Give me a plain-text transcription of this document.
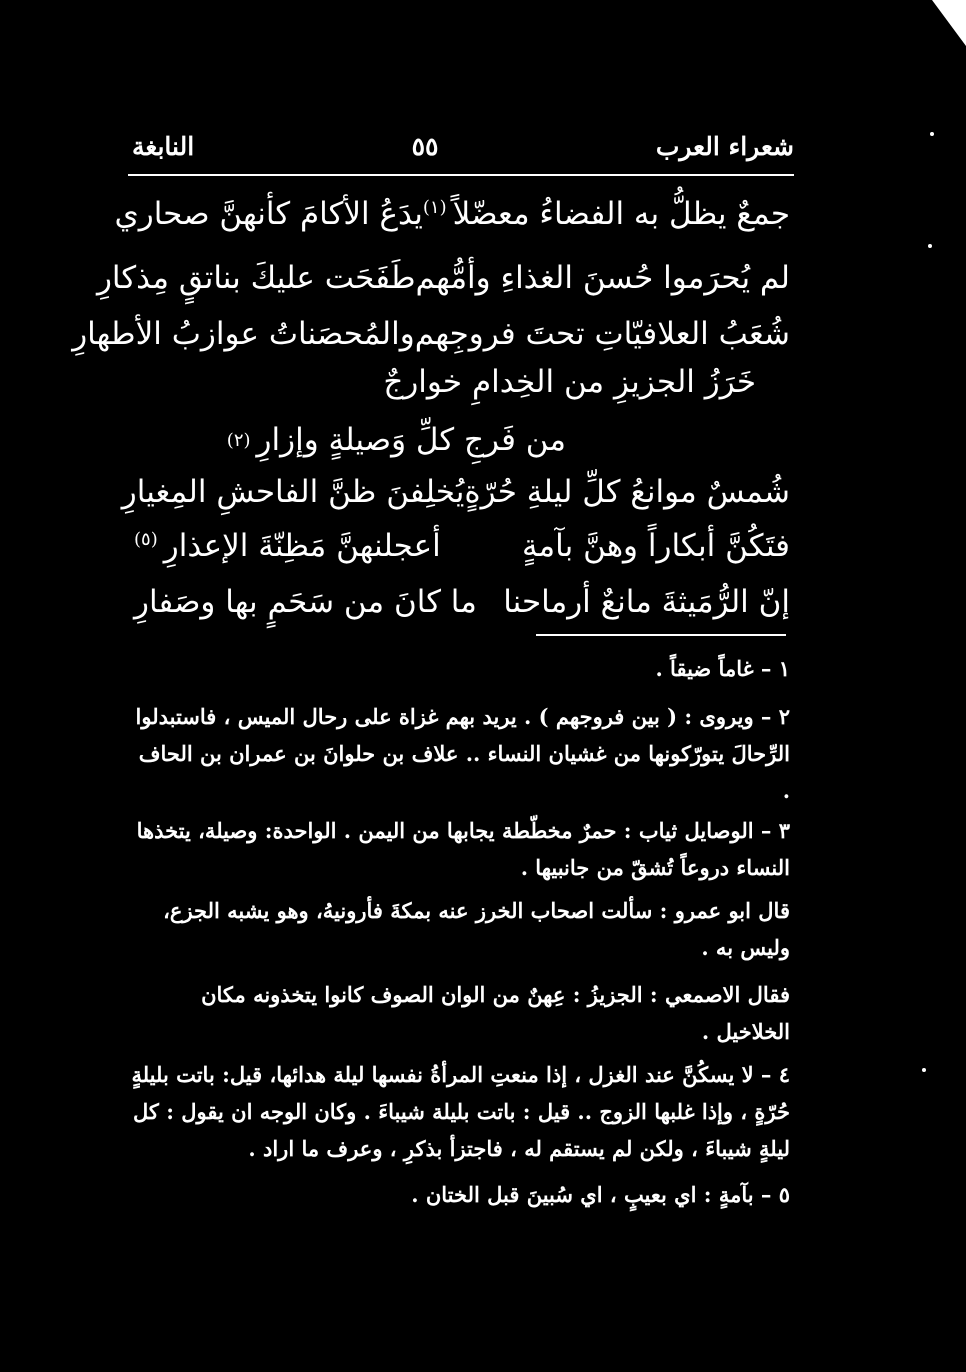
شعراء العرب
٥٥
النابغة
جمعٌ يظلُّ به الفضاءُ معضّلاً$^{(١)}$
يدَعُ الأكامَ كأنهنَّ صحاري
لم يُحرَموا حُسنَ الغذاءِ وأمُّهم
طَفَحَت عليكَ بناتقٍ مِذكارِ
شُعَبُ العلافيّاتِ تحتَ فروجِهم
والمُحصَناتُ عوازبُ الأطهارِ
خَرَزُ الجزيزِ من الخِدامِ خوارجٌ
من فَرجِ كلِّ وَصيلةٍ وإزارِ
(٢)
شُمسٌ موانعُ كلِّ ليلةِ حُرّةٍ
يُخلِفنَ ظنَّ الفاحشِ المِغيارِ
فتَكُنَّ أبكاراً وهنَّ بآمةٍ
أعجلنهنَّ مَظِنّةَ الإعذارِ$^{(٥)}$
إنّ الرُّمَيثةَ مانعٌ أرماحنا
ما كانَ من سَحَمٍ بها وصَفارِ
١ – غاماً ضيقاً .
٢ – ويروى : ( بين فروجهم ) . يريد بهم غزاة على رحال الميس ، فاستبدلوا الرِّحالَ يتورّكونها من غشيان النساء .. علاف بن حلوانَ بن عمران بن الحاف .
٣ – الوصايل ثياب : حمرٌ مخطّطة يجابها من اليمن . الواحدة: وصيلة، يتخذها النساء دروعاً تُشقّ من جانبيها .
قال ابو عمرو : سألت اصحاب الخرز عنه بمكةَ فأرونيهُ، وهو يشبه الجزع، وليس به .
فقال الاصمعي : الجزيزُ : عِهنٌ من الوان الصوف كانوا يتخذونه مكان الخلاخيل .
٤ – لا يسكُنَّ عند الغزل ، إذا منعتِ المرأةُ نفسها ليلة هدائها، قيل: باتت بليلةٍ حُرّةٍ ، وإذا غلبها الزوج .. قيل : باتت بليلة شيباءَ . وكان الوجه ان يقول : كل ليلةٍ شيباءَ ، ولكن لم يستقم له ، فاجتزأ بذكرِ ، وعرف ما اراد .
٥ – بآمةٍ : اي بعيبٍ ، اي سُبينَ قبل الختان .
